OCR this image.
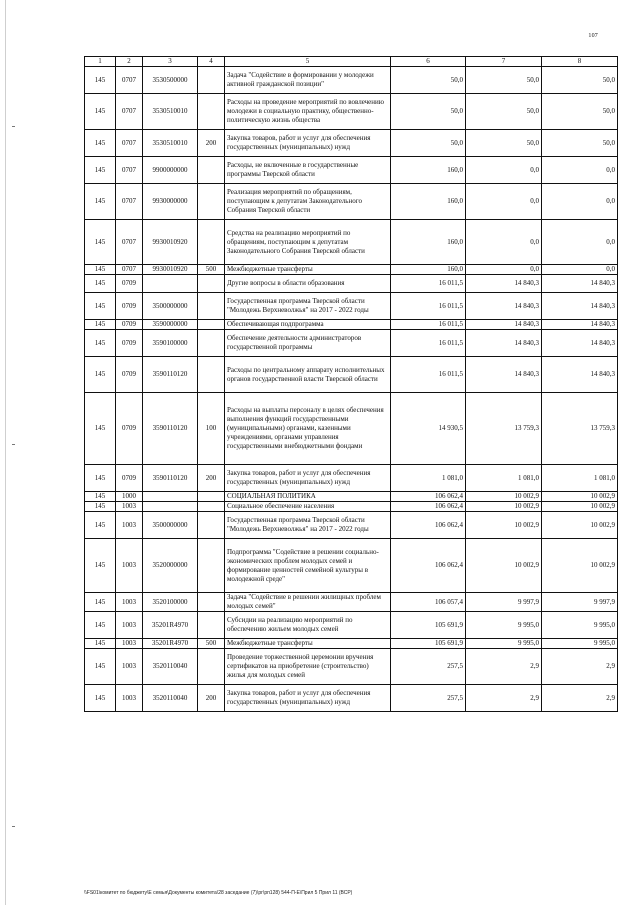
107
1	2	3	4	5	6	7	8
145	0707	3530500000		Задача "Содействие в формировании у молодежи активной гражданской позиции"	50,0	50,0	50,0
145	0707	3530510010		Расходы на проведение мероприятий по вовлечению молодежи в социальную практику, общественно-политическую жизнь общества	50,0	50,0	50,0
145	0707	3530510010	200	Закупка товаров, работ и услуг для обеспечения государственных (муниципальных) нужд	50,0	50,0	50,0
145	0707	9900000000		Расходы, не включенные в государственные программы Тверской области	160,0	0,0	0,0
145	0707	9930000000		Реализация мероприятий по обращениям, поступающим к депутатам Законодательного Собрания Тверской области	160,0	0,0	0,0
145	0707	9930010920		Средства на реализацию мероприятий по обращениям, поступающим к депутатам Законодательного Собрания Тверской области	160,0	0,0	0,0
145	0707	9930010920	500	Межбюджетные трансферты	160,0	0,0	0,0
145	0709			Другие вопросы в области образования	16 011,5	14 840,3	14 840,3
145	0709	3500000000		Государственная программа Тверской области "Молодежь Верхневолжья" на 2017 - 2022 годы	16 011,5	14 840,3	14 840,3
145	0709	3590000000		Обеспечивающая подпрограмма	16 011,5	14 840,3	14 840,3
145	0709	3590100000		Обеспечение деятельности администраторов государственной программы	16 011,5	14 840,3	14 840,3
145	0709	3590110120		Расходы по центральному аппарату исполнительных органов государственной власти Тверской области	16 011,5	14 840,3	14 840,3
145	0709	3590110120	100	Расходы на выплаты персоналу в целях обеспечения выполнения функций государственными (муниципальными) органами, казенными учреждениями, органами управления государственными внебюджетными фондами	14 930,5	13 759,3	13 759,3
145	0709	3590110120	200	Закупка товаров, работ и услуг для обеспечения государственных (муниципальных) нужд	1 081,0	1 081,0	1 081,0
145	1000			СОЦИАЛЬНАЯ ПОЛИТИКА	106 062,4	10 002,9	10 002,9
145	1003			Социальное обеспечение населения	106 062,4	10 002,9	10 002,9
145	1003	3500000000		Государственная программа Тверской области "Молодежь Верхневолжья" на 2017 - 2022 годы	106 062,4	10 002,9	10 002,9
145	1003	3520000000		Подпрограмма "Содействие в решении социально-экономических проблем молодых семей и формирование ценностей семейной культуры в молодежной среде"	106 062,4	10 002,9	10 002,9
145	1003	3520100000		Задача "Содействие в решении жилищных проблем молодых семей"	106 057,4	9 997,9	9 997,9
145	1003	35201R4970		Субсидии на реализацию мероприятий по обеспечению жильем молодых семей	105 691,9	9 995,0	9 995,0
145	1003	35201R4970	500	Межбюджетные трансферты	105 691,9	9 995,0	9 995,0
145	1003	3520110040		Проведение торжественной церемонии вручения сертификатов на приобретение (строительство) жилья для молодых семей	257,5	2,9	2,9
145	1003	3520110040	200	Закупка товаров, работ и услуг для обеспечения государственных (муниципальных) нужд	257,5	2,9	2,9
\\FS01\комитет по бюджету\Е семья\Документы комитета\28 заседание (7)\рг\рп128) 544-П-Е\Прил 5 Прил 11 (ВСР)
